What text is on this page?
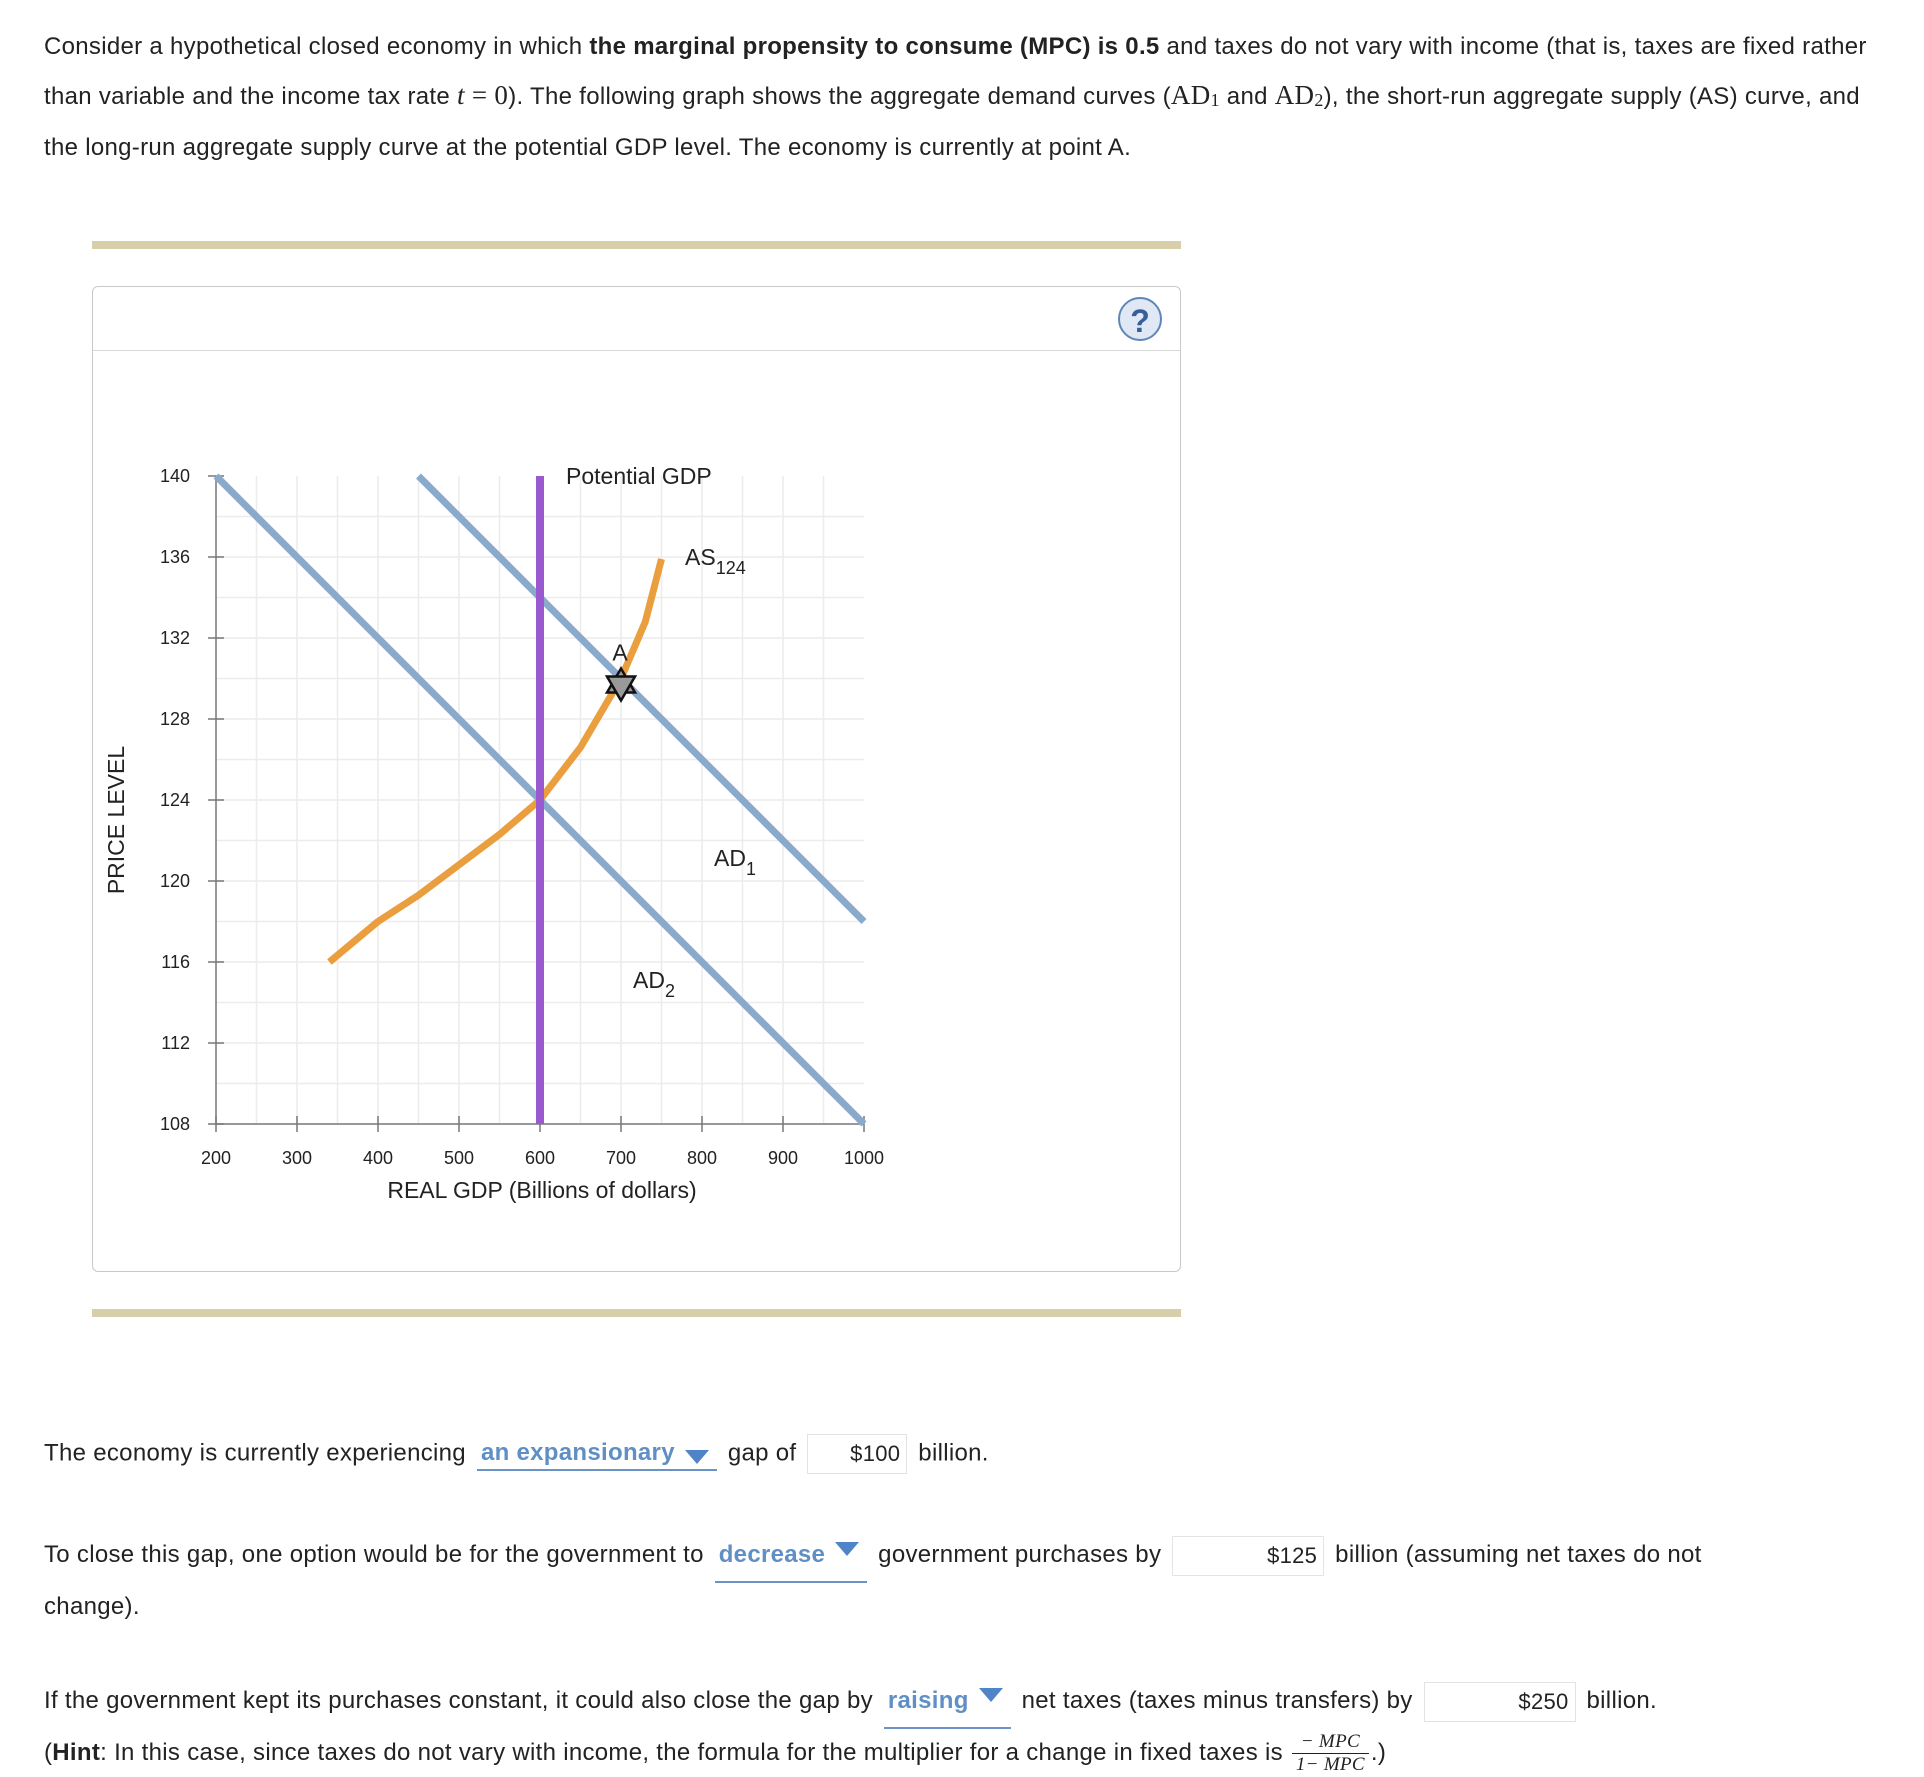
Consider a hypothetical closed economy in which the marginal propensity to consume (MPC) is 0.5 and taxes do not vary with income (that is, taxes are fixed rather than variable and the income tax rate t = 0). The following graph shows the aggregate demand curves (AD1 and AD2), the short-run aggregate supply (AS) curve, and the long-run aggregate supply curve at the potential GDP level. The economy is currently at point A.
?
200	300	400	500	600	700	800	900	1000
108
112
116
120
124
128
132
136
140
REAL GDP (Billions of dollars)
PRICE LEVEL	$AD_1$
$AD_2$
$AS_{124}$
Potential GDP
A
The economy is currently experiencing an expansionary
gap of $100 billion.
To close this gap, one option would be for the government to decrease
government purchases by	$125 billion (assuming net taxes do not
change).
If the government kept its purchases constant, it could also close the gap by raising
net taxes (taxes minus transfers) by	$250 billion.
(Hint: In this case, since taxes do not vary with income, the formula for the multiplier for a change in fixed taxes is $\frac{\text{− MPC}}{\text{1− MPC}}$ .)
